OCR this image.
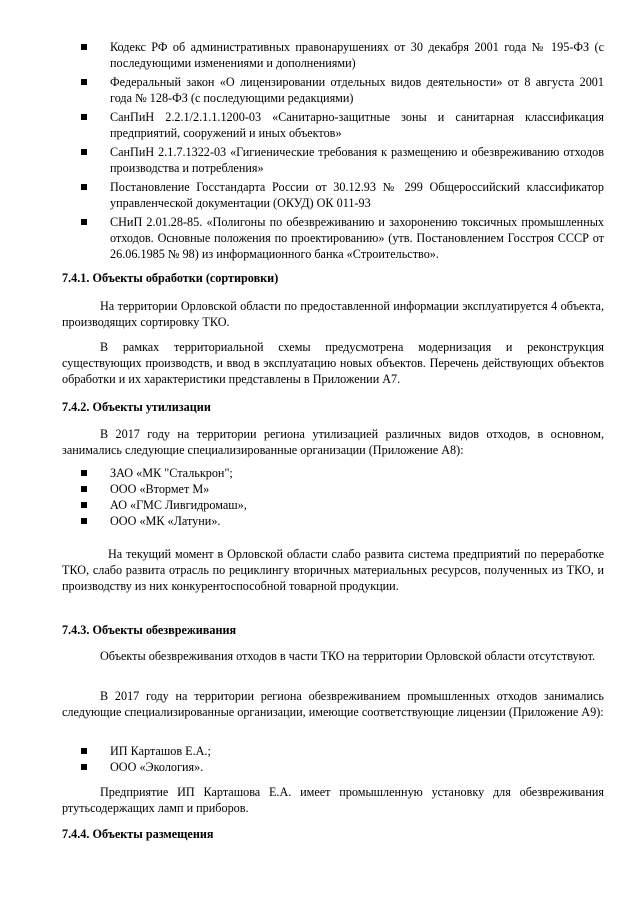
Кодекс РФ об административных правонарушениях от 30 декабря 2001 года № 195-ФЗ (с последующими изменениями и дополнениями)
Федеральный закон «О лицензировании отдельных видов деятельности» от 8 августа 2001 года № 128-ФЗ (с последующими редакциями)
СанПиН 2.2.1/2.1.1.1200-03 «Санитарно-защитные зоны и санитарная классификация предприятий, сооружений и иных объектов»
СанПиН 2.1.7.1322-03 «Гигиенические требования к размещению и обезвреживанию отходов производства и потребления»
Постановление Госстандарта России от 30.12.93 № 299 Общероссийский классификатор управленческой документации (ОКУД) ОК 011-93
СНиП 2.01.28-85. «Полигоны по обезвреживанию и захоронению токсичных промышленных отходов. Основные положения по проектированию» (утв. Постановлением Госстроя СССР от 26.06.1985 № 98) из информационного банка «Строительство».
7.4.1. Объекты обработки (сортировки)
На территории Орловской области по предоставленной информации эксплуатируется 4 объекта, производящих сортировку ТКО.
В рамках территориальной схемы предусмотрена модернизация и реконструкция существующих производств, и ввод в эксплуатацию новых объектов. Перечень действующих объектов обработки и их характеристики представлены в Приложении А7.
7.4.2. Объекты утилизации
В 2017 году на территории региона утилизацией различных видов отходов, в основном, занимались следующие специализированные организации (Приложение А8):
ЗАО «МК "Сталькрон";
ООО «Втормет М»
АО «ГМС Ливгидромаш»,
ООО «МК «Латуни».
На текущий момент в Орловской области слабо развита система предприятий по переработке ТКО, слабо развита отрасль по рециклингу вторичных материальных ресурсов, полученных из ТКО, и производству из них конкурентоспособной товарной продукции.
7.4.3. Объекты обезвреживания
Объекты обезвреживания отходов в части ТКО на территории Орловской области отсутствуют.
В 2017 году на территории региона обезвреживанием промышленных отходов занимались следующие специализированные организации, имеющие соответствующие лицензии (Приложение А9):
ИП Карташов Е.А.;
ООО «Экология».
Предприятие ИП Карташова Е.А. имеет промышленную установку для обезвреживания ртутьсодержащих ламп и приборов.
7.4.4. Объекты размещения
